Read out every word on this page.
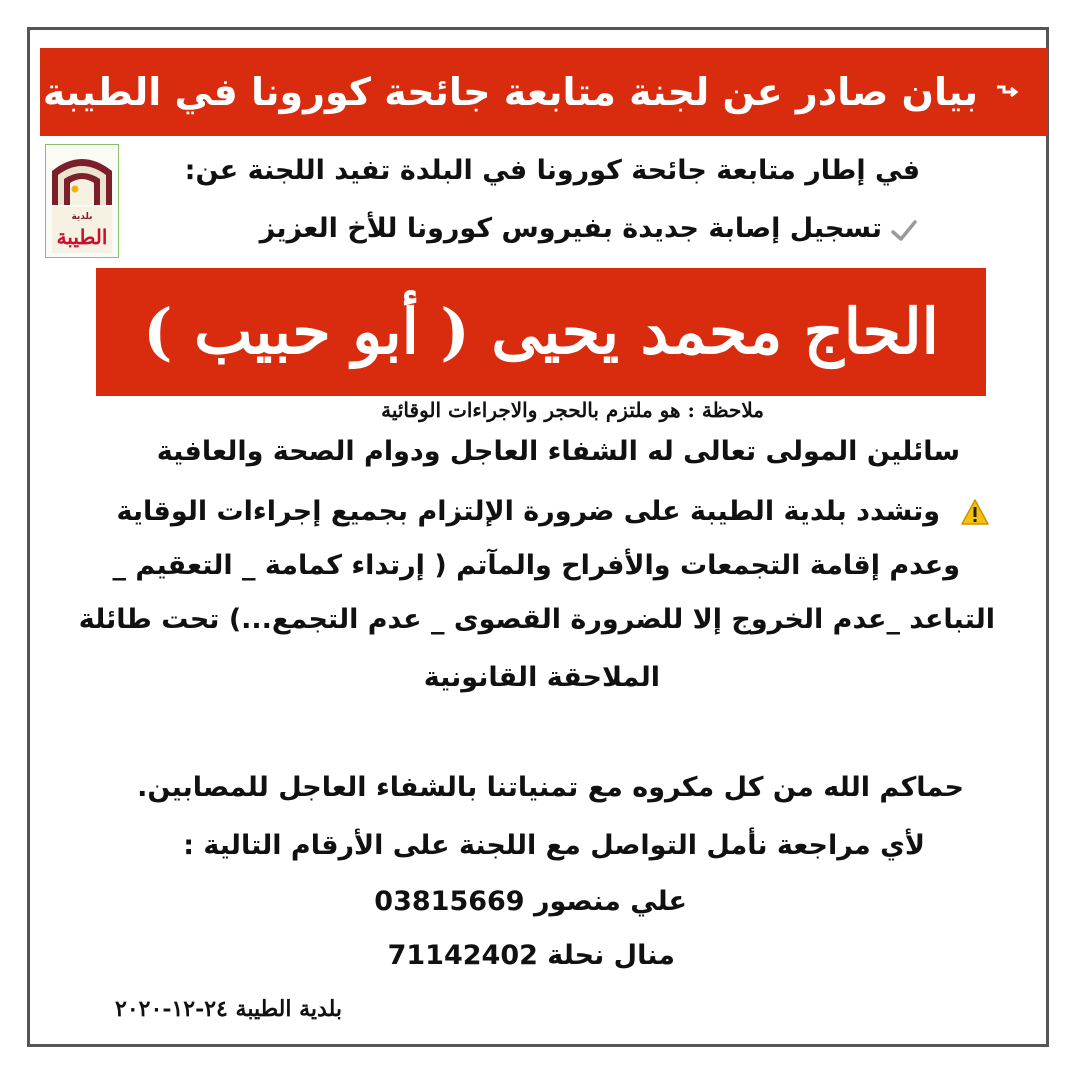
بيان صادر عن لجنة متابعة جائحة كورونا في الطيبة
بلدية
الطيبة
في إطار متابعة جائحة كورونا في البلدة تفيد اللجنة عن:
تسجيل إصابة جديدة بفيروس كورونا للأخ العزيز
الحاج محمد يحيى ( أبو حبيب )
ملاحظة : هو ملتزم بالحجر والاجراءات الوقائية
سائلين المولى تعالى له الشفاء العاجل ودوام الصحة والعافية
وتشدد بلدية الطيبة على ضرورة الإلتزام بجميع إجراءات الوقاية
وعدم إقامة التجمعات والأفراح والمآتم ( إرتداء كمامة _ التعقيم _
التباعد _عدم الخروج إلا للضرورة القصوى _ عدم التجمع...) تحت طائلة
الملاحقة القانونية
حماكم الله من كل مكروه مع تمنياتنا بالشفاء العاجل للمصابين.
لأي مراجعة نأمل التواصل مع اللجنة على الأرقام التالية :
علي منصور 03815669
منال نحلة 71142402
بلدية الطيبة ٢٤-١٢-٢٠٢٠
